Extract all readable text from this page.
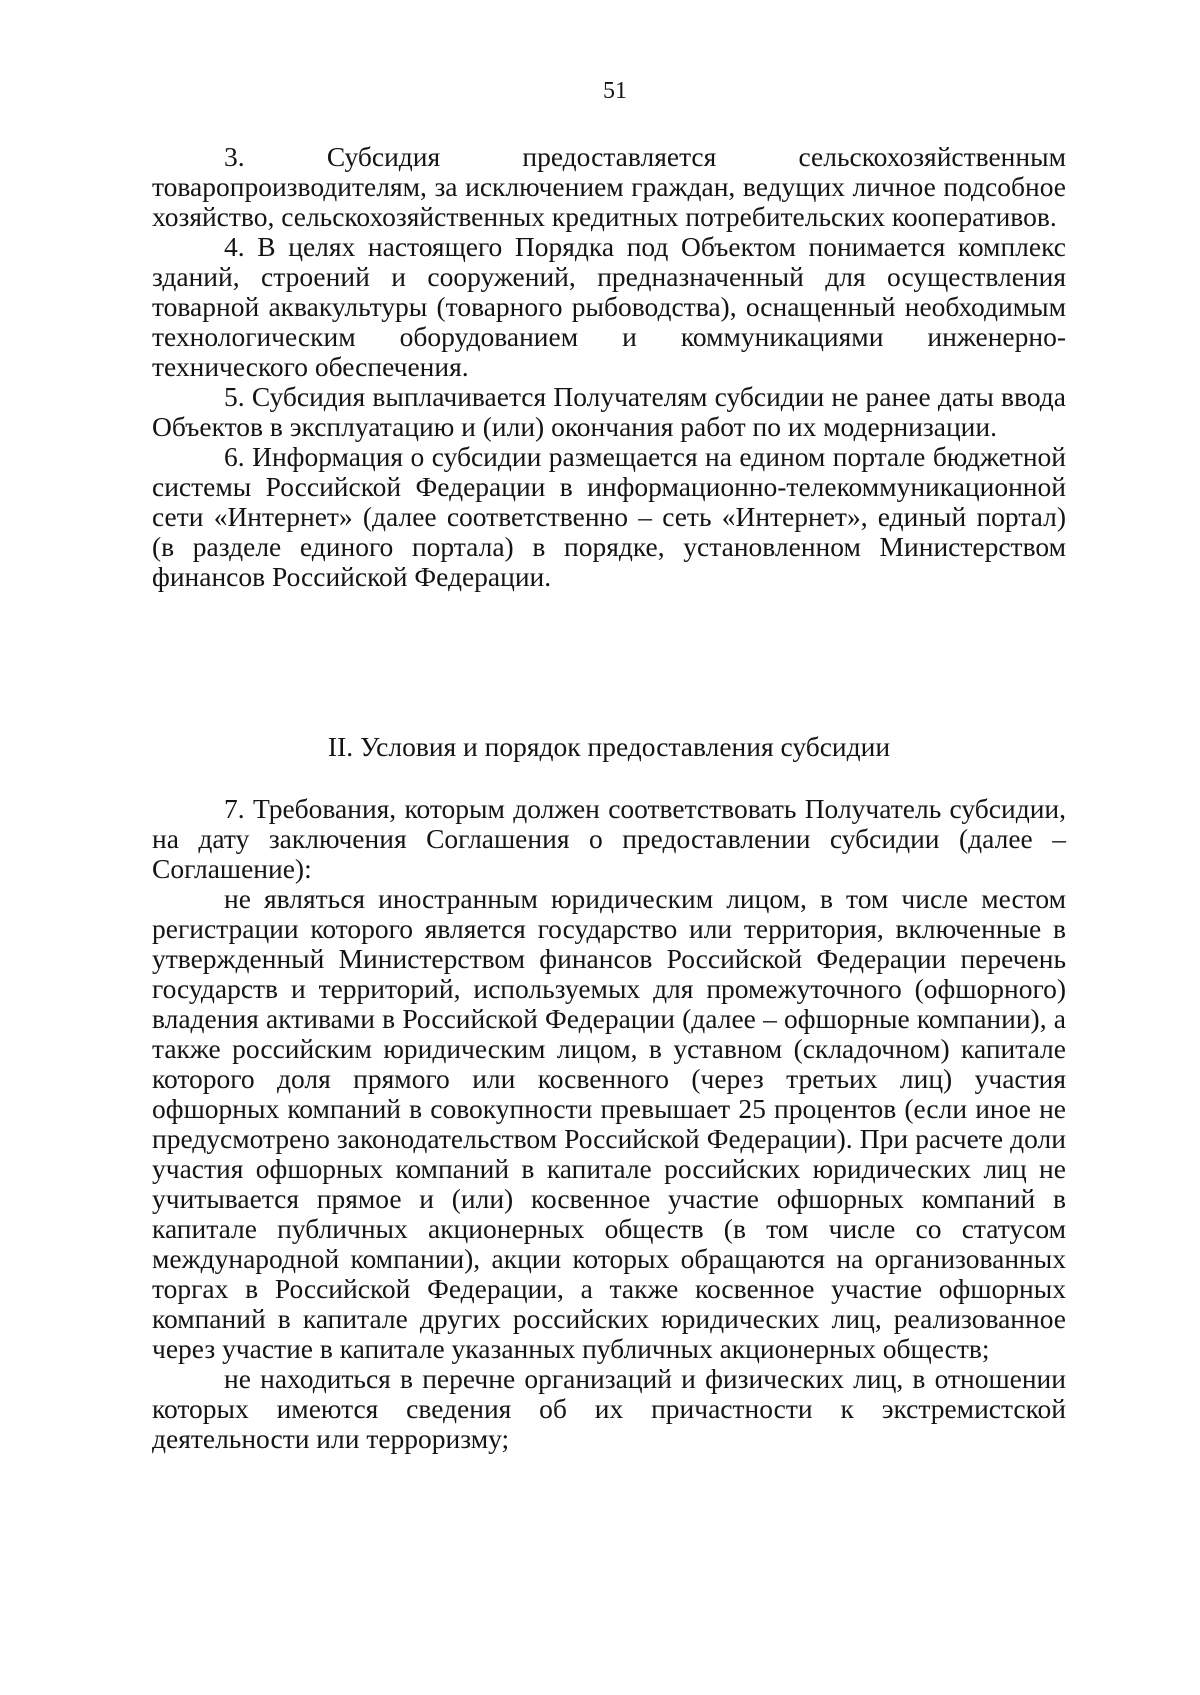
51

3. Субсидия предоставляется сельскохозяйственным товаропроизводителям, за исключением граждан, ведущих личное подсобное хозяйство, сельскохозяйственных кредитных потребительских кооперативов.

4. В целях настоящего Порядка под Объектом понимается комплекс зданий, строений и сооружений, предназначенный для осуществления товарной аквакультуры (товарного рыбоводства), оснащенный необходимым технологическим оборудованием и коммуникациями инженерно-технического обеспечения.

5. Субсидия выплачивается Получателям субсидии не ранее даты ввода Объектов в эксплуатацию и (или) окончания работ по их модернизации.

6. Информация о субсидии размещается на едином портале бюджетной системы Российской Федерации в информационно-телекоммуникационной сети «Интернет» (далее соответственно – сеть «Интернет», единый портал) (в разделе единого портала) в порядке, установленном Министерством финансов Российской Федерации.

II. Условия и порядок предоставления субсидии

7. Требования, которым должен соответствовать Получатель субсидии, на дату заключения Соглашения о предоставлении субсидии (далее – Соглашение):

не являться иностранным юридическим лицом, в том числе местом регистрации которого является государство или территория, включенные в утвержденный Министерством финансов Российской Федерации перечень государств и территорий, используемых для промежуточного (офшорного) владения активами в Российской Федерации (далее – офшорные компании), а также российским юридическим лицом, в уставном (складочном) капитале которого доля прямого или косвенного (через третьих лиц) участия офшорных компаний в совокупности превышает 25 процентов (если иное не предусмотрено законодательством Российской Федерации). При расчете доли участия офшорных компаний в капитале российских юридических лиц не учитывается прямое и (или) косвенное участие офшорных компаний в капитале публичных акционерных обществ (в том числе со статусом международной компании), акции которых обращаются на организованных торгах в Российской Федерации, а также косвенное участие офшорных компаний в капитале других российских юридических лиц, реализованное через участие в капитале указанных публичных акционерных обществ;

не находиться в перечне организаций и физических лиц, в отношении которых имеются сведения об их причастности к экстремистской деятельности или терроризму;
